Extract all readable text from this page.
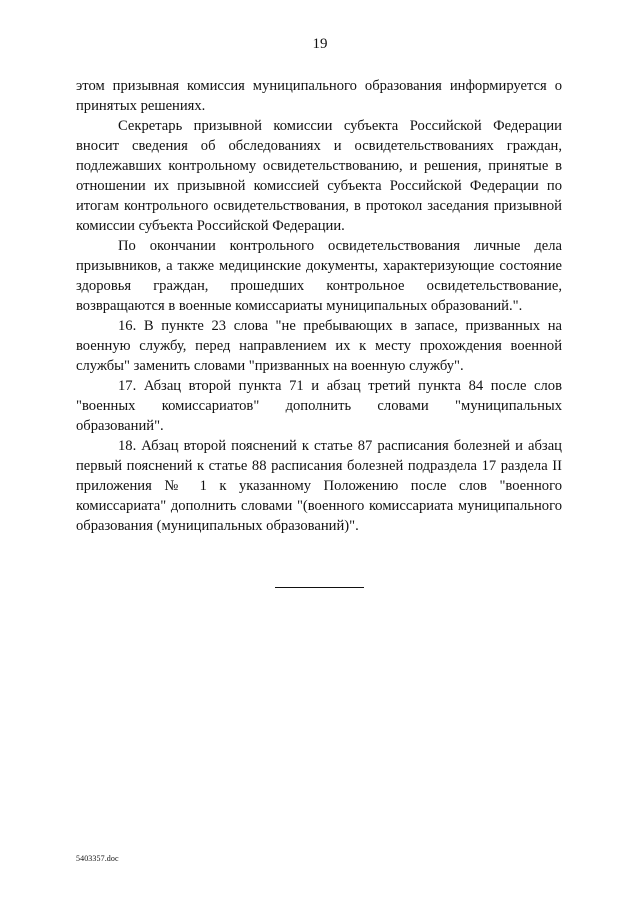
19

этом призывная комиссия муниципального образования информируется о принятых решениях.

Секретарь призывной комиссии субъекта Российской Федерации вносит сведения об обследованиях и освидетельствованиях граждан, подлежавших контрольному освидетельствованию, и решения, принятые в отношении их призывной комиссией субъекта Российской Федерации по итогам контрольного освидетельствования, в протокол заседания призывной комиссии субъекта Российской Федерации.

По окончании контрольного освидетельствования личные дела призывников, а также медицинские документы, характеризующие состояние здоровья граждан, прошедших контрольное освидетельствование, возвращаются в военные комиссариаты муниципальных образований.".

16. В пункте 23 слова "не пребывающих в запасе, призванных на военную службу, перед направлением их к месту прохождения военной службы" заменить словами "призванных на военную службу".

17. Абзац второй пункта 71 и абзац третий пункта 84 после слов "военных комиссариатов" дополнить словами "муниципальных образований".

18. Абзац второй пояснений к статье 87 расписания болезней и абзац первый пояснений к статье 88 расписания болезней подраздела 17 раздела II приложения № 1 к указанному Положению после слов "военного комиссариата" дополнить словами "(военного комиссариата муниципального образования (муниципальных образований)".

5403357.doc
